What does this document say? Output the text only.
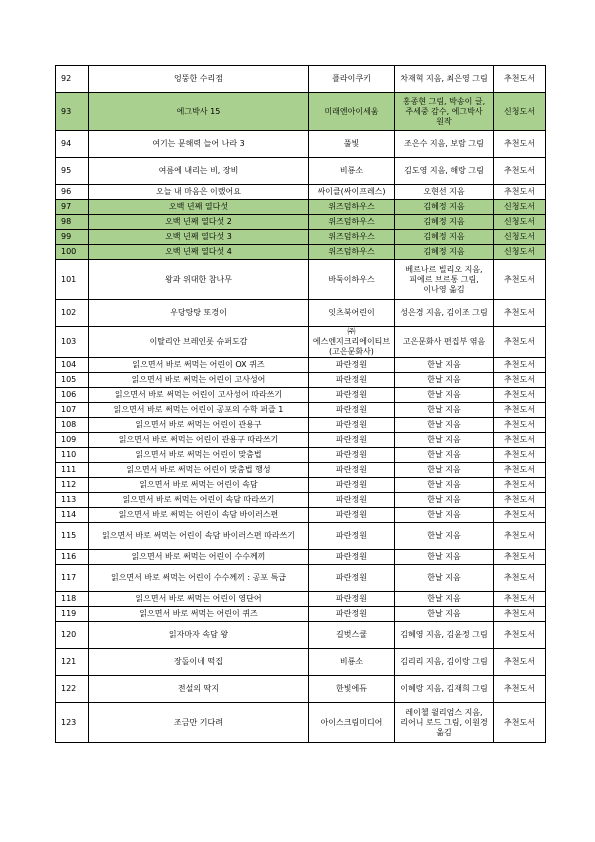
92	엉뚱한 수리점	플라이쿠키	차재혁 지음, 최은영 그림	추천도서
93	에그박사 15	미래엔아이세움	홍종현 그림, 박송이 글, 주세중 감수, 에그박사 원작	신청도서
94	여기는 문해력 늘어 나라 3	풀빛	조은수 지음, 보람 그림	추천도서
95	여름에 내리는 비, 장비	비룡소	김도영 지음, 해랑 그림	추천도서
96	오늘 내 마음은 이랬어요	싸이클(싸이프레스)	오현선 지음	추천도서
97	오백 년째 열다섯	위즈덤하우스	김혜정 지음	신청도서
98	오백 년째 열다섯 2	위즈덤하우스	김혜정 지음	신청도서
99	오백 년째 열다섯 3	위즈덤하우스	김혜정 지음	신청도서
100	오백 년째 열다섯 4	위즈덤하우스	김혜정 지음	신청도서
101	왕과 위대한 참나무	바둑이하우스	베르나르 빌리오 지음, 피에르 브르통 그림, 이나영 옮김	추천도서
102	우당탕탕 또경이	잇츠북어린이	성은경 지음, 김이조 그림	추천도서
103	이탈리안 브레인롯 슈퍼도감	㈜에스엔지크리에이티브(고은문화사)	고은문화사 편집부 엮음	추천도서
104	읽으면서 바로 써먹는 어린이 OX 퀴즈	파란정원	한날 지음	추천도서
105	읽으면서 바로 써먹는 어린이 고사성어	파란정원	한날 지음	추천도서
106	읽으면서 바로 써먹는 어린이 고사성어 따라쓰기	파란정원	한날 지음	추천도서
107	읽으면서 바로 써먹는 어린이 공포의 수학 퍼즐 1	파란정원	한날 지음	추천도서
108	읽으면서 바로 써먹는 어린이 관용구	파란정원	한날 지음	추천도서
109	읽으면서 바로 써먹는 어린이 관용구 따라쓰기	파란정원	한날 지음	추천도서
110	읽으면서 바로 써먹는 어린이 맞춤법	파란정원	한날 지음	추천도서
111	읽으면서 바로 써먹는 어린이 맞춤법 행성	파란정원	한날 지음	추천도서
112	읽으면서 바로 써먹는 어린이 속담	파란정원	한날 지음	추천도서
113	읽으면서 바로 써먹는 어린이 속담 따라쓰기	파란정원	한날 지음	추천도서
114	읽으면서 바로 써먹는 어린이 속담 바이러스편	파란정원	한날 지음	추천도서
115	읽으면서 바로 써먹는 어린이 속담 바이러스편 따라쓰기	파란정원	한날 지음	추천도서
116	읽으면서 바로 써먹는 어린이 수수께끼	파란정원	한날 지음	추천도서
117	읽으면서 바로 써먹는 어린이 수수께끼 : 공포 특급	파란정원	한날 지음	추천도서
118	읽으면서 바로 써먹는 어린이 영단어	파란정원	한날 지음	추천도서
119	읽으면서 바로 써먹는 어린이 퀴즈	파란정원	한날 지음	추천도서
120	읽자마자 속담 왕	길벗스쿨	김혜영 지음, 김윤정 그림	추천도서
121	장돌이네 떡집	비룡소	김리리 지음, 김이랑 그림	추천도서
122	전설의 딱지	한빛에듀	이혜랑 지음, 김재희 그림	추천도서
123	조금만 기다려	아이스크림미디어	레이첼 윌리엄스 지음, 리어니 로드 그림, 이원경 옮김	추천도서
